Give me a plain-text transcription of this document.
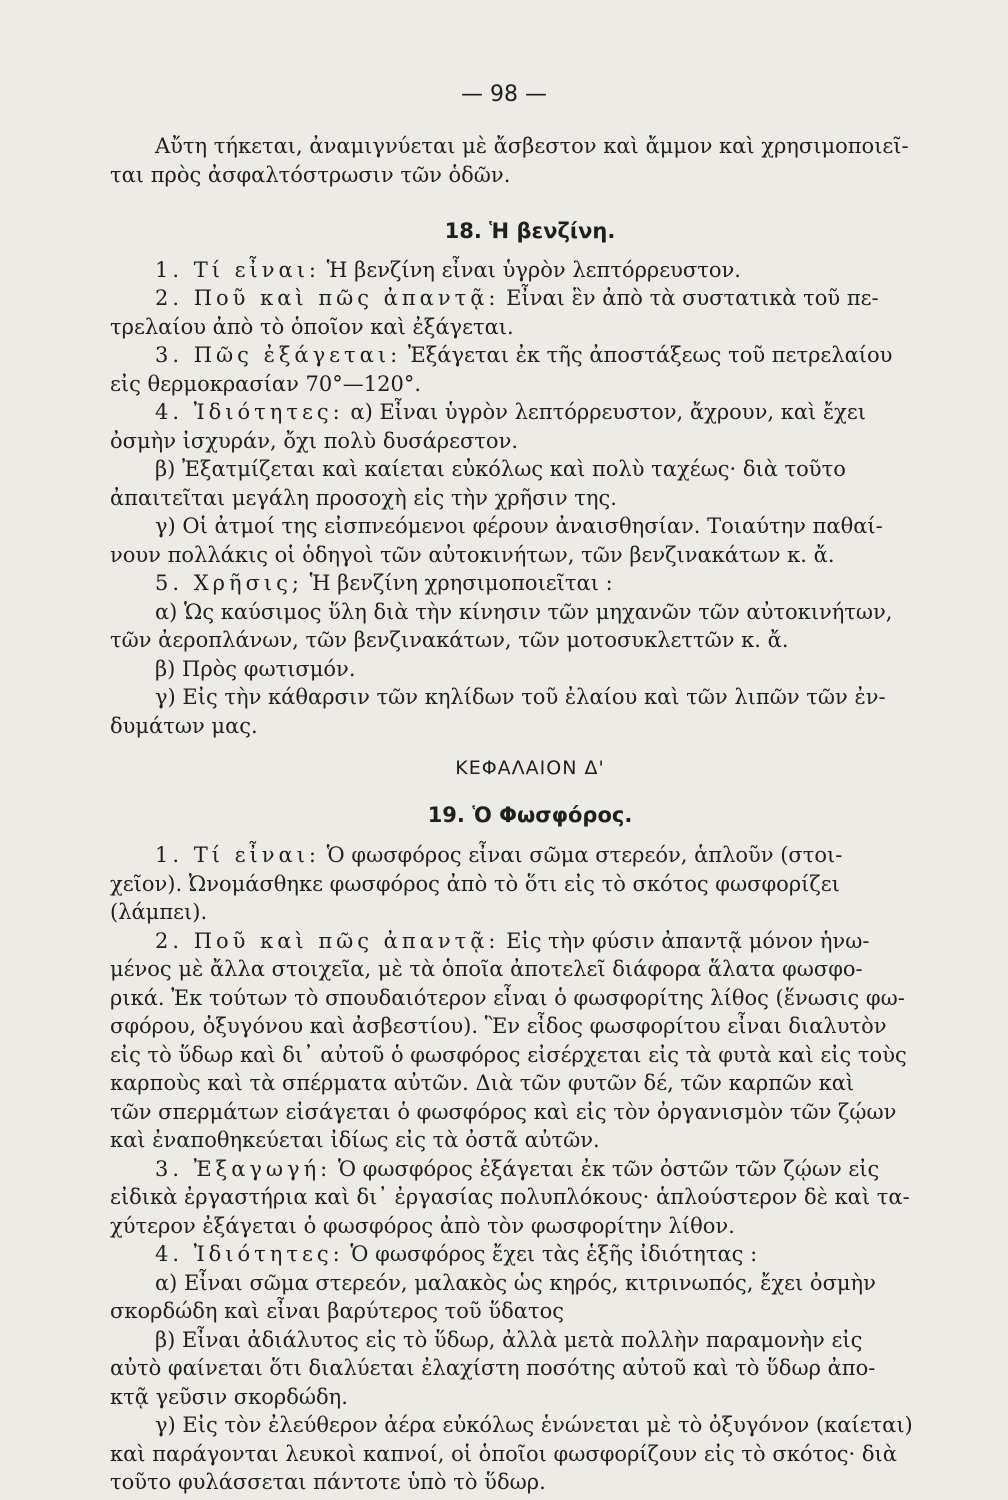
— 98 —
Αὔτη τήκεται, ἀναμιγνύεται μὲ ἄσβεστον καὶ ἄμμον καὶ χρησιμοποιεῖ-
ται πρὸς ἀσφαλτόστρωσιν τῶν ὁδῶν.
18. Ἡ βενζίνη.
1. Τί εἶναι: Ἡ βενζίνη εἶναι ὑγρὸν λεπτόρρευστον.
2. Ποῦ καὶ πῶς ἀπαντᾷ: Εἶναι ἓν ἀπὸ τὰ συστατικὰ τοῦ πε-
τρελαίου ἀπὸ τὸ ὁποῖον καὶ ἐξάγεται.
3. Πῶς ἐξάγεται: Ἐξάγεται ἐκ τῆς ἀποστάξεως τοῦ πετρελαίου
εἰς θερμοκρασίαν 70°—120°.
4. Ἰδιότητες: α) Εἶναι ὑγρὸν λεπτόρρευστον, ἄχρουν, καὶ ἔχει
ὀσμὴν ἰσχυράν, ὄχι πολὺ δυσάρεστον.
β) Ἐξατμίζεται καὶ καίεται εὐκόλως καὶ πολὺ ταχέως· διὰ τοῦτο
ἀπαιτεῖται μεγάλη προσοχὴ εἰς τὴν χρῆσιν της.
γ) Οἱ ἀτμοί της εἰσπνεόμενοι φέρουν ἀναισθησίαν. Τοιαύτην παθαί-
νουν πολλάκις οἱ ὁδηγοὶ τῶν αὐτοκινήτων, τῶν βενζινακάτων κ. ἄ.
5. Χρῆσις; Ἡ βενζίνη χρησιμοποιεῖται :
α) Ὡς καύσιμος ὕλη διὰ τὴν κίνησιν τῶν μηχανῶν τῶν αὐτοκινήτων,
τῶν ἀεροπλάνων, τῶν βενζινακάτων, τῶν μοτοσυκλεττῶν κ. ἄ.
β) Πρὸς φωτισμόν.
γ) Εἰς τὴν κάθαρσιν τῶν κηλίδων τοῦ ἐλαίου καὶ τῶν λιπῶν τῶν ἐν-
δυμάτων μας.
ΚΕΦΑΛΑΙΟΝ Δ'
19. Ὁ Φωσφόρος.
1. Τί εἶναι: Ὁ φωσφόρος εἶναι σῶμα στερεόν, ἁπλοῦν (στοι-
χεῖον). Ὠνομάσθηκε φωσφόρος ἀπὸ τὸ ὅτι εἰς τὸ σκότος φωσφορίζει
(λάμπει).
2. Ποῦ καὶ πῶς ἀπαντᾷ: Εἰς τὴν φύσιν ἀπαντᾷ μόνον ἡνω-
μένος μὲ ἄλλα στοιχεῖα, μὲ τὰ ὁποῖα ἀποτελεῖ διάφορα ἅλατα φωσφο-
ρικά. Ἐκ τούτων τὸ σπουδαιότερον εἶναι ὁ φωσφορίτης λίθος (ἕνωσις φω-
σφόρου, ὀξυγόνου καὶ ἀσβεστίου). Ἓν εἶδος φωσφορίτου εἶναι διαλυτὸν
εἰς τὸ ὕδωρ καὶ δι᾽ αὐτοῦ ὁ φωσφόρος εἰσέρχεται εἰς τὰ φυτὰ καὶ εἰς τοὺς
καρποὺς καὶ τὰ σπέρματα αὐτῶν. Διὰ τῶν φυτῶν δέ, τῶν καρπῶν καὶ
τῶν σπερμάτων εἰσάγεται ὁ φωσφόρος καὶ εἰς τὸν ὀργανισμὸν τῶν ζῴων
καὶ ἐναποθηκεύεται ἰδίως εἰς τὰ ὀστᾶ αὐτῶν.
3. Ἐξαγωγή: Ὁ φωσφόρος ἐξάγεται ἐκ τῶν ὀστῶν τῶν ζῴων εἰς
εἰδικὰ ἐργαστήρια καὶ δι᾽ ἐργασίας πολυπλόκους· ἁπλούστερον δὲ καὶ τα-
χύτερον ἐξάγεται ὁ φωσφόρος ἀπὸ τὸν φωσφορίτην λίθον.
4. Ἰδιότητες: Ὁ φωσφόρος ἔχει τὰς ἑξῆς ἰδιότητας :
α) Εἶναι σῶμα στερεόν, μαλακὸς ὡς κηρός, κιτρινωπός, ἔχει ὀσμὴν
σκορδώδη καὶ εἶναι βαρύτερος τοῦ ὕδατος
β) Εἶναι ἀδιάλυτος εἰς τὸ ὕδωρ, ἀλλὰ μετὰ πολλὴν παραμονὴν εἰς
αὐτὸ φαίνεται ὅτι διαλύεται ἐλαχίστη ποσότης αὐτοῦ καὶ τὸ ὕδωρ ἀπο-
κτᾷ γεῦσιν σκορδώδη.
γ) Εἰς τὸν ἐλεύθερον ἀέρα εὐκόλως ἑνώνεται μὲ τὸ ὀξυγόνον (καίεται)
καὶ παράγονται λευκοὶ καπνοί, οἱ ὁποῖοι φωσφορίζουν εἰς τὸ σκότος· διὰ
τοῦτο φυλάσσεται πάντοτε ὑπὸ τὸ ὕδωρ.
